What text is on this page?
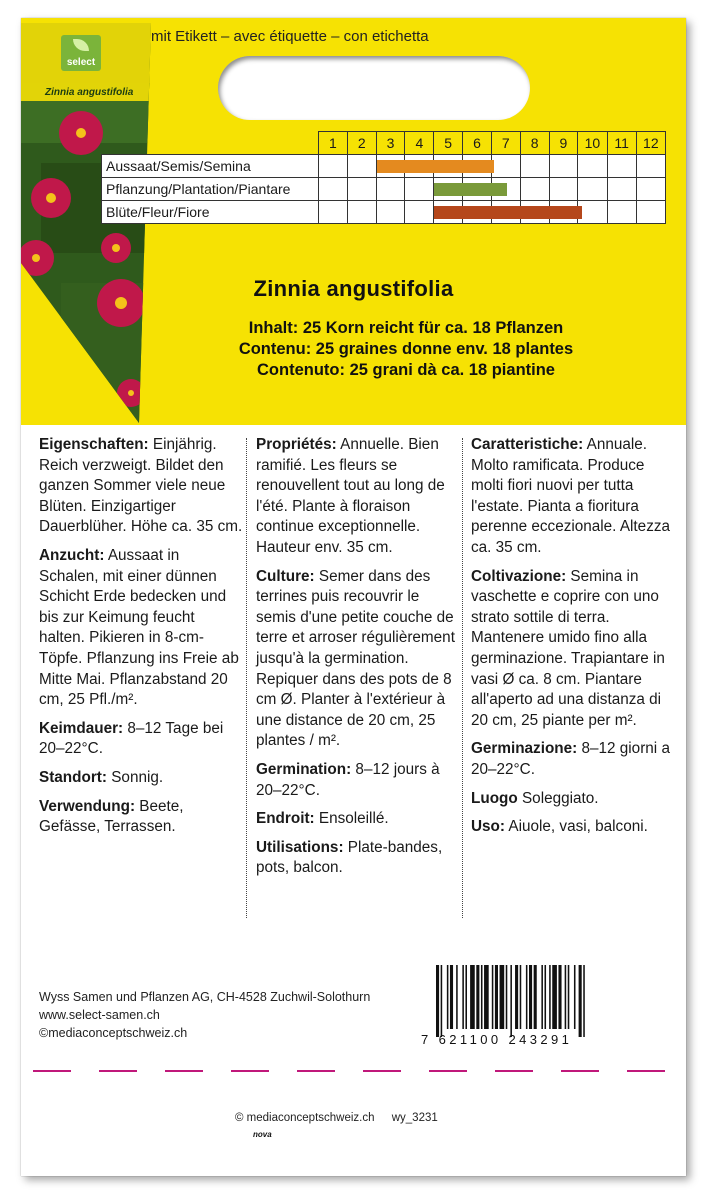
mit Etikett – avec étiquette – con etichetta
select
Zinnia angustifolia
	1	2	3	4	5	6	7	8	9	10	11	12
Aussaat/Semis/Semina			

Pflanzung/Plantation/Piantare					

Blüte/Fleur/Fiore					

Zinnia angustifolia
Inhalt: 25 Korn reicht für ca. 18 Pflanzen
Contenu: 25 graines donne env. 18 plantes
Contenuto: 25 grani dà ca. 18 piantine

Eigenschaften: Einjährig. Reich verzweigt. Bildet den ganzen Sommer viele neue Blüten. Einzigartiger Dauerblüher. Höhe ca. 35 cm.

Anzucht: Aussaat in Schalen, mit einer dünnen Schicht Erde bedecken und bis zur Keimung feucht halten. Pikieren in 8-cm-Töpfe. Pflanzung ins Freie ab Mitte Mai. Pflanzabstand 20 cm, 25 Pfl./m².

Keimdauer: 8–12 Tage bei 20–22°C.

Standort: Sonnig.

Verwendung: Beete, Gefässe, Terrassen.

Propriétés: Annuelle. Bien ramifié. Les fleurs se renouvellent tout au long de l'été. Plante à floraison continue exceptionnelle. Hauteur env. 35 cm.

Culture: Semer dans des terrines puis recouvrir le semis d'une petite couche de terre et arroser régulièrement jusqu'à la germination. Repiquer dans des pots de 8 cm Ø. Planter à l'extérieur à une distance de 20 cm, 25 plantes / m².

Germination: 8–12 jours à 20–22°C.

Endroit: Ensoleillé.

Utilisations: Plate-bandes, pots, balcon.

Caratteristiche: Annuale. Molto ramificata. Produce molti fiori nuovi per tutta l'estate. Pianta a fioritura perenne eccezionale. Altezza ca. 35 cm.

Coltivazione: Semina in vaschette e coprire con uno strato sottile di terra. Mantenere umido fino alla germinazione. Trapiantare in vasi Ø ca. 8 cm. Piantare all'aperto ad una distanza di 20 cm, 25 piante per m².

Germinazione: 8–12 giorni a 20–22°C.

Luogo Soleggiato.

Uso: Aiuole, vasi, balconi.

Wyss Samen und Pflanzen AG, CH-4528 Zuchwil-Solothurn
www.select-samen.ch
©mediaconceptschweiz.ch	7 621100 243291
© mediaconceptschweiz.ch wy_3231
nova
